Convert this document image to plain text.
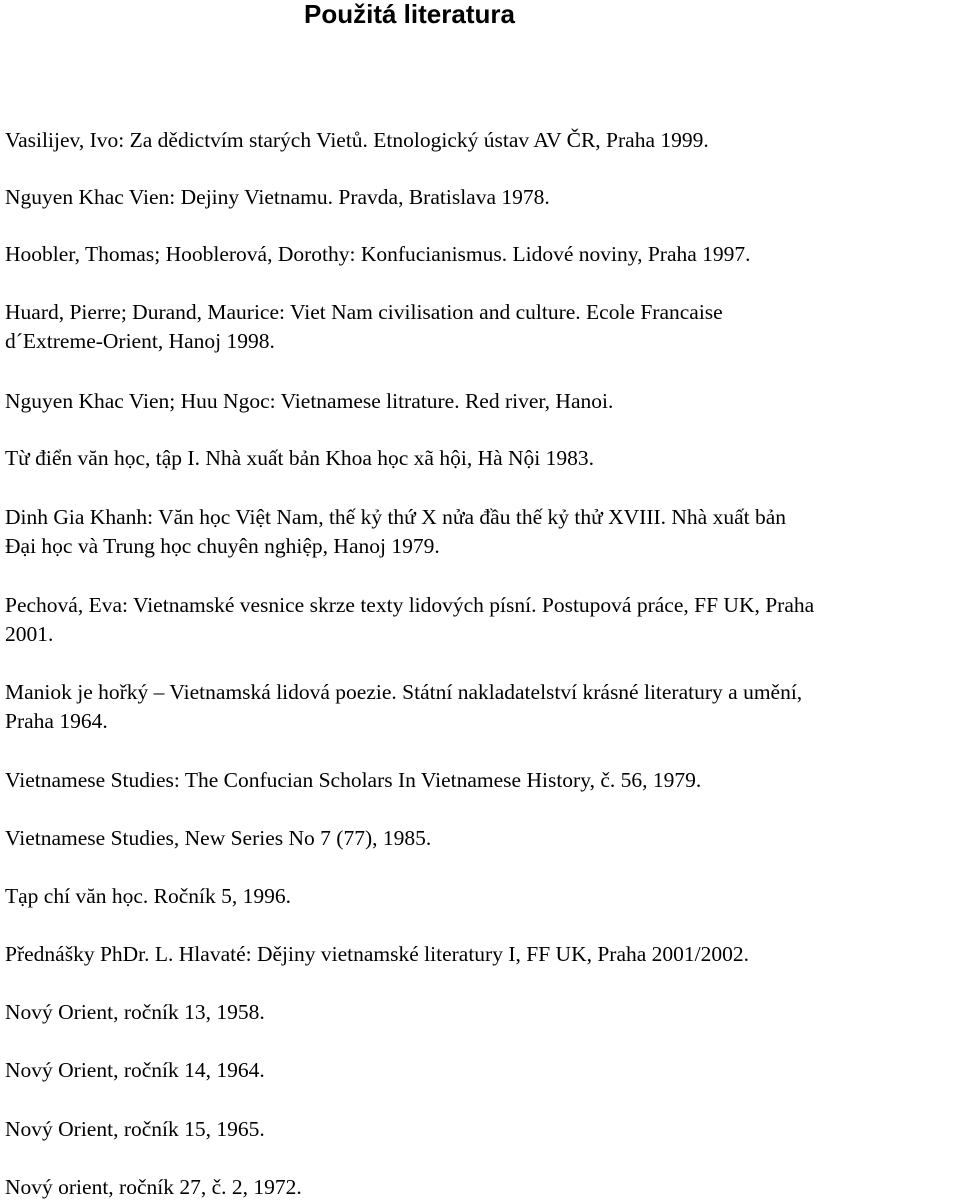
Použitá literatura

Vasilijev, Ivo: Za dědictvím starých Vietů. Etnologický ústav AV ČR, Praha 1999.

Nguyen Khac Vien: Dejiny Vietnamu. Pravda, Bratislava 1978.

Hoobler, Thomas; Hooblerová, Dorothy: Konfucianismus. Lidové noviny, Praha 1997.

Huard, Pierre; Durand, Maurice: Viet Nam civilisation and culture. Ecole Francaise

d´Extreme-Orient, Hanoj 1998.

Nguyen Khac Vien; Huu Ngoc: Vietnamese litrature. Red river, Hanoi.

Từ điển văn học, tập I. Nhà xuất bản Khoa học xã hội, Hà Nội 1983.

Dinh Gia Khanh: Văn học Việt Nam, thế kỷ thứ X nửa đầu thế kỷ thử XVIII. Nhà xuất bản

Đại học và Trung học chuyên nghiệp, Hanoj 1979.

Pechová, Eva: Vietnamské vesnice skrze texty lidových písní. Postupová práce, FF UK, Praha

2001.

Maniok je hořký – Vietnamská lidová poezie. Státní nakladatelství krásné literatury a umění,

Praha 1964.

Vietnamese Studies: The Confucian Scholars In Vietnamese History, č. 56, 1979.

Vietnamese Studies, New Series No 7 (77), 1985.

Tạp chí văn học. Ročník 5, 1996.

Přednášky PhDr. L. Hlavaté: Dějiny vietnamské literatury I, FF UK, Praha 2001/2002.

Nový Orient, ročník 13, 1958.

Nový Orient, ročník 14, 1964.

Nový Orient, ročník 15, 1965.

Nový orient, ročník 27, č. 2, 1972.
